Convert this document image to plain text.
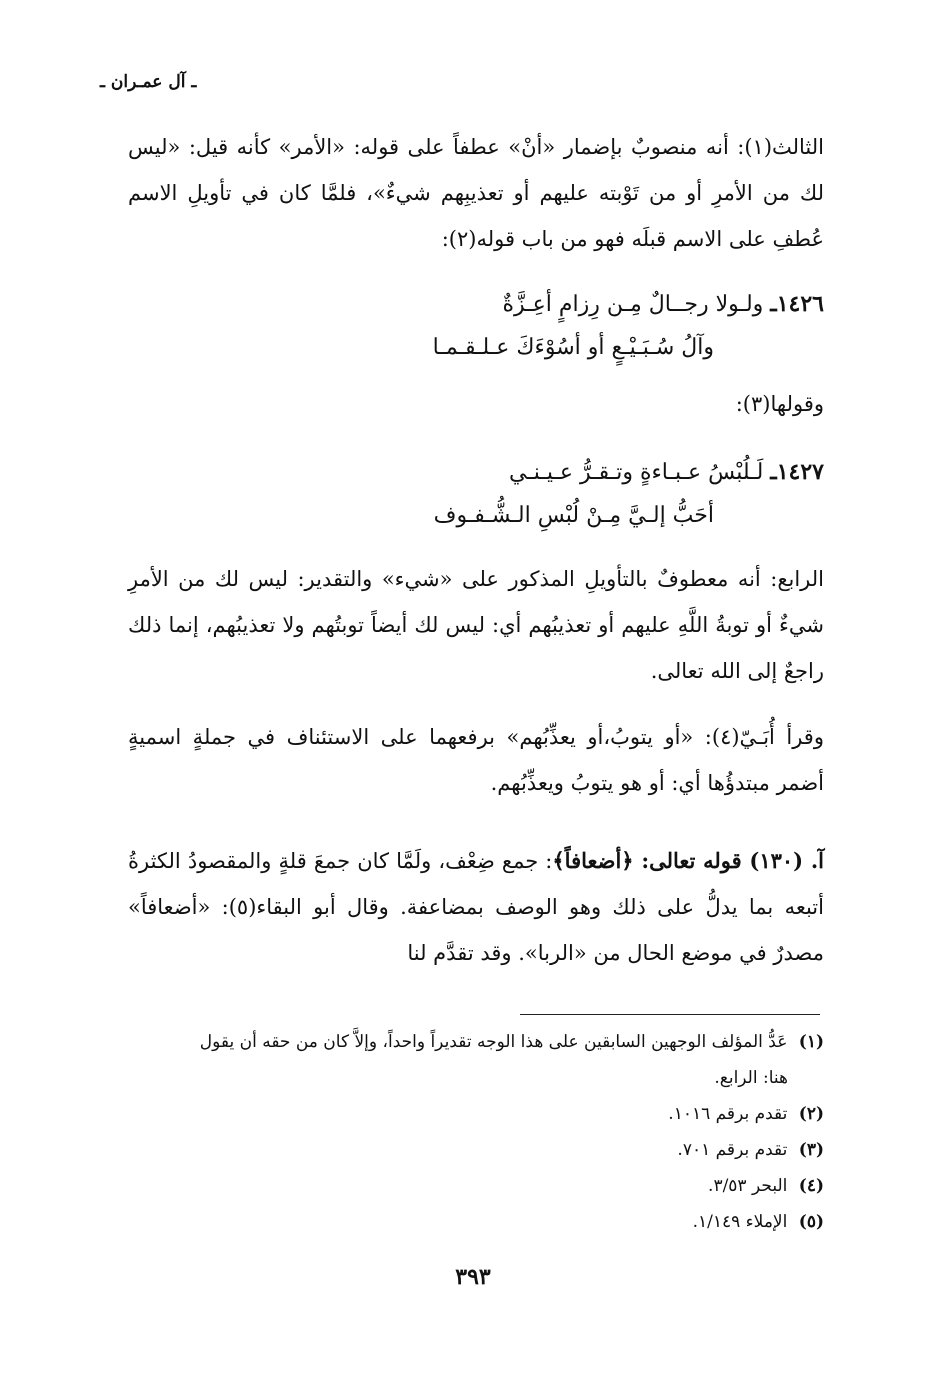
ـ آل عمـران ـ
الثالث(١): أنه منصوبٌ بإضمار «أنْ» عطفاً على قوله: «الأمر» كأنه قيل: «ليس لك من الأمرِ أو من تَوْبته عليهم أو تعذيبِهم شيءٌ»، فلمَّا كان في تأويلِ الاسم عُطفِ على الاسم قبلَه فهو من باب قوله(٢):
١٤٢٦ـ ولـولا رجــالٌ مِـن رِزامٍ أعِـزَّةٌ
وآلُ سُـبَـيْـعٍ أو أسُوْءَكَ عـلـقـمـا
وقولها(٣):
١٤٢٧ـ لَـلُبْسُ عـبـاءةٍ وتـقـرُّ عـيـنـي
أحَبُّ إلـيَّ مِـنْ لُبْسِ الـشُّـفـوف
الرابع: أنه معطوفٌ بالتأويلِ المذكور على «شيء» والتقدير: ليس لك من الأمرِ شيءٌ أو توبةُ اللَّهِ عليهم أو تعذيبُهم أي: ليس لك أيضاً توبتُهم ولا تعذيبُهم، إنما ذلك راجعٌ إلى الله تعالى.
وقرأ أُبَـيّ(٤): «أو يتوبُ،أو يعذِّبُهم» برفعهما على الاستئناف في جملةٍ اسميةٍ أضمر مبتدؤُها أي: أو هو يتوبُ ويعذِّبُهم.
آ. (١٣٠) قوله تعالى: ﴿أضعافاً﴾: جمع ضِعْف، ولَمَّا كان جمعَ قلةٍ والمقصودُ الكثرةُ أتبعه بما يدلُّ على ذلك وهو الوصف بمضاعفة. وقال أبو البقاء(٥): «أضعافاً» مصدرٌ في موضع الحال من «الربا». وقد تقدَّم لنا
(١) عَدُّ المؤلف الوجهين السابقين على هذا الوجه تقديراً واحداً، وإلاَّ كان من حقه أن يقول
هنا: الرابع.
(٢) تقدم برقم ١٠١٦.
(٣) تقدم برقم ٧٠١.
(٤) البحر ٣/٥٣.
(٥) الإملاء ١/١٤٩.
٣٩٣
